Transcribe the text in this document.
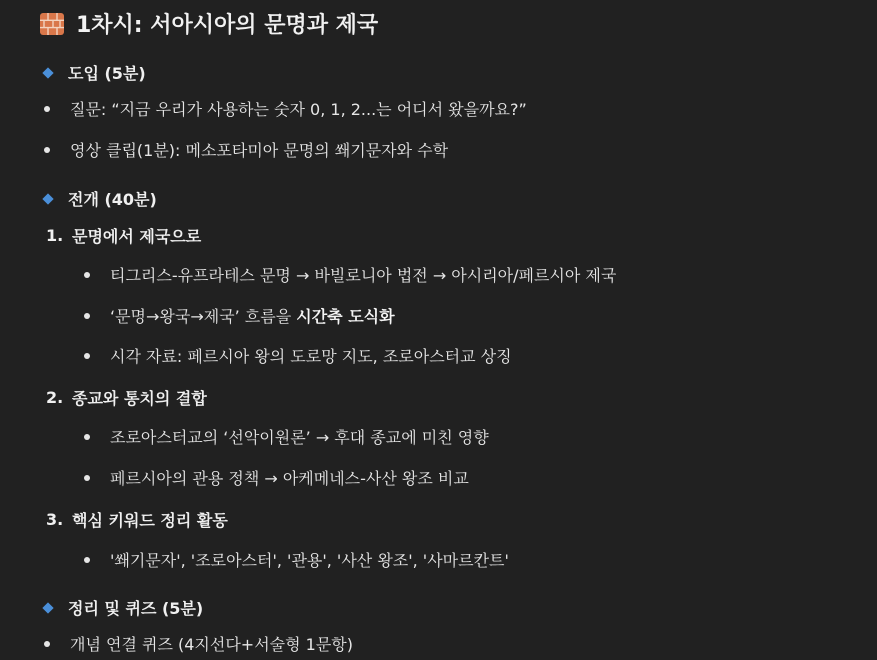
1차시: 서아시아의 문명과 제국
도입 (5분)
질문: “지금 우리가 사용하는 숫자 0, 1, 2...는 어디서 왔을까요?”
영상 클립(1분): 메소포타미아 문명의 쐐기문자와 수학
전개 (40분)
1. 문명에서 제국으로
티그리스-유프라테스 문명 → 바빌로니아 법전 → 아시리아/페르시아 제국
‘문명→왕국→제국’ 흐름을 시간축 도식화
시각 자료: 페르시아 왕의 도로망 지도, 조로아스터교 상징
2. 종교와 통치의 결합
조로아스터교의 ‘선악이원론’ → 후대 종교에 미친 영향
페르시아의 관용 정책 → 아케메네스-사산 왕조 비교
3. 핵심 키워드 정리 활동
'쐐기문자', '조로아스터', '관용', '사산 왕조', '사마르칸트'
정리 및 퀴즈 (5분)
개념 연결 퀴즈 (4지선다+서술형 1문항)
